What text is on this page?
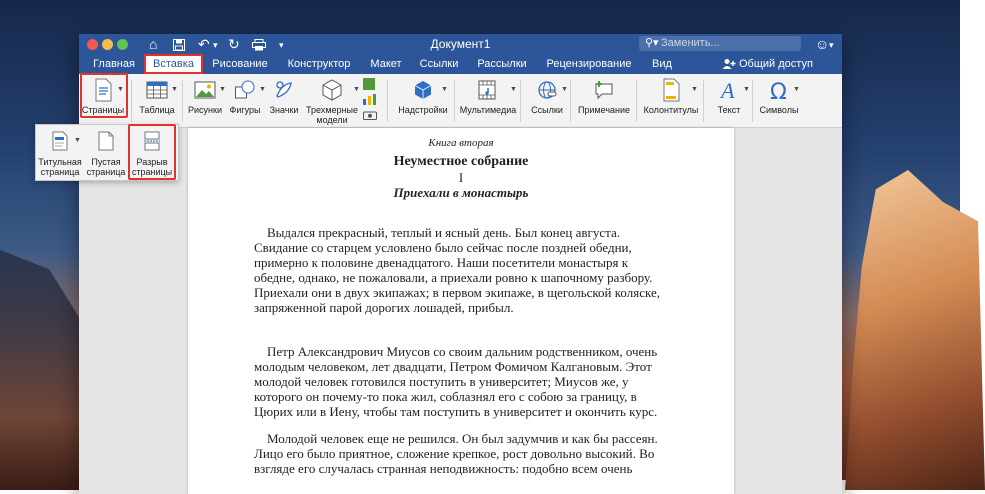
⌂	↶ ▾ ↻	▾	Документ1	⚲▾ Заменить...	☺ ▾
Главная	Вставка	Рисование	Конструктор	Макет	Ссылки	Рассылки	Рецензирование	Вид	Общий доступ
▼
Страницы
▼
Таблица
▼
Рисунки
▼
Фигуры	Значки
▼
Трехмерные
модели
▼
Надстройки
▼
Мультимедиа
▼
Ссылки	Примечание
▼
Колонтитулы
A ▼
Текст
Ω ▼
Символы
Книга вторая
Неуместное собрание
I
Приехали в монастырь
Выдался прекрасный, теплый и ясный день. Был конец августа.
Свидание со старцем условлено было сейчас после поздней обедни,
примерно к половине двенадцатого. Наши посетители монастыря к
обедне, однако, не пожаловали, а приехали ровно к шапочному разбору.
Приехали они в двух экипажах; в первом экипаже, в щегольской коляске,
запряженной парой дорогих лошадей, прибыл.
Петр Александрович Миусов со своим дальним родственником, очень
молодым человеком, лет двадцати, Петром Фомичом Калгановым. Этот
молодой человек готовился поступить в университет; Миусов же, у
которого он почему-то пока жил, соблазнял его с собою за границу, в
Цюрих или в Иену, чтобы там поступить в университет и окончить курс.
Молодой человек еще не решился. Он был задумчив и как бы рассеян.
Лицо его было приятное, сложение крепкое, рост довольно высокий. Во
взгляде его случалась странная неподвижность: подобно всем очень
▼
Титульная
страница
Пустая
страница
Разрыв
страницы
